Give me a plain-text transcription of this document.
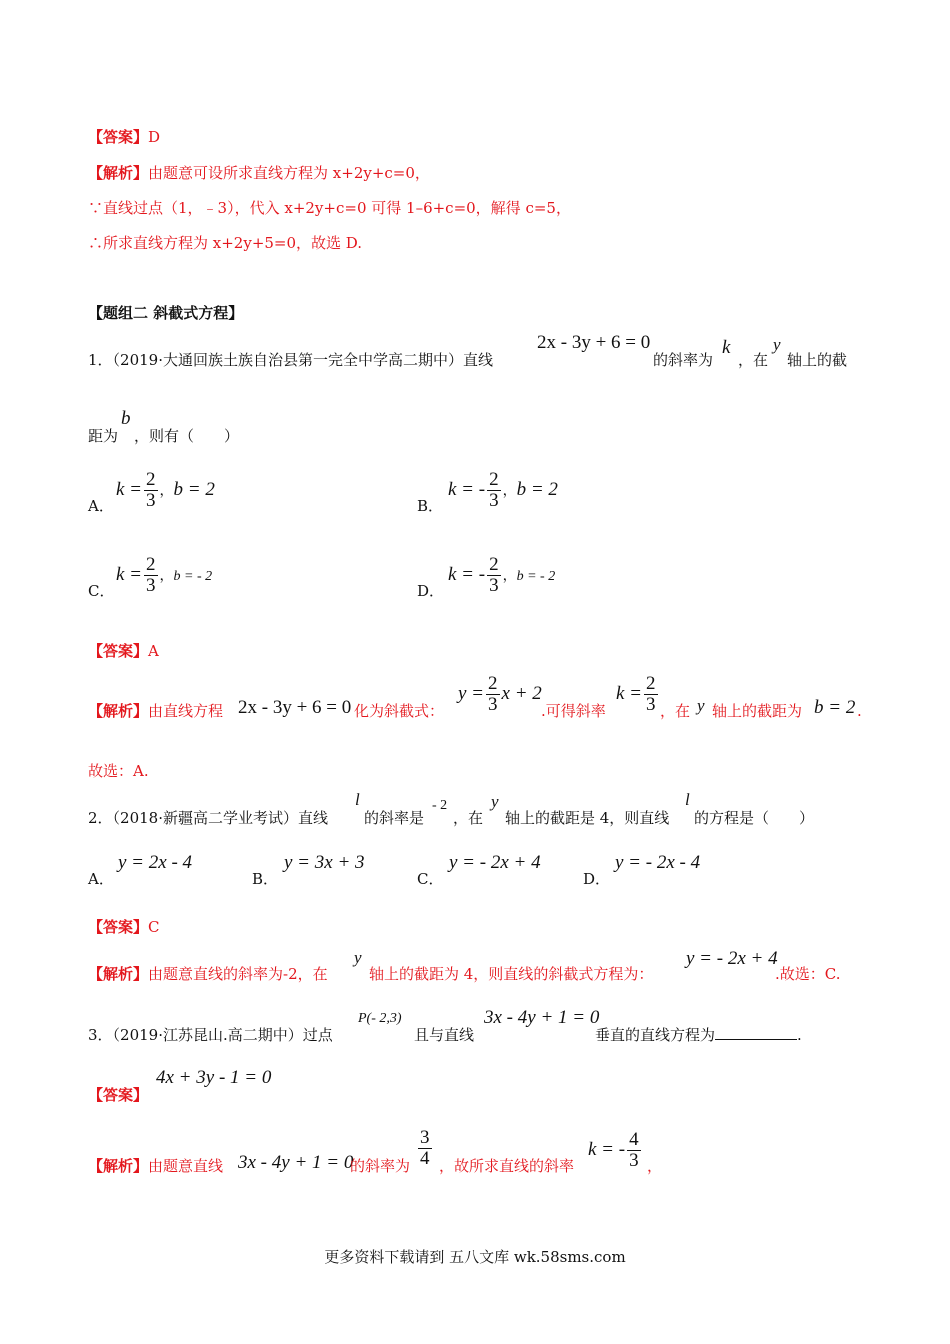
【答案】D
【解析】由题意可设所求直线方程为 x+2y+c=0，
∵直线过点（1，﹣3），代入 x+2y+c=0 可得 1–6+c=0，解得 c=5，
∴所求直线方程为 x+2y+5=0，故选 D.
【题组二 斜截式方程】
1．（2019·大通回族土族自治县第一完全中学高二期中）直线
2x - 3y + 6 = 0
的斜率为
k
，在
y
轴上的截
距为
b
，则有（　　）
A．
$k = \frac{2}{3}$ ，b = 2
B．
k = - $\frac{2}{3}$ ，b = 2
C．
$k = \frac{2}{3}$ ，b = - 2
D．
k = - $\frac{2}{3}$ ，b = - 2
【答案】A
【解析】由直线方程 2x - 3y + 6 = 0 化为斜截式：
$y = \frac{2}{3}$ x + 2
.可得斜率
$k = \frac{2}{3}$ ，在 y 轴上的截距为 b = 2 .
故选：A.
2．（2018·新疆高二学业考试）直线
l
的斜率是
- 2
，在
y
轴上的截距是 4，则直线
l
的方程是（　　）
A．
y = 2x - 4
B．
y = 3x + 3
C．
y = - 2x + 4
D．
y = - 2x - 4
【答案】C
【解析】由题意直线的斜率为-2，在
y
轴上的截距为 4，则直线的斜截式方程为：
y = - 2x + 4
.故选：C.
3．（2019·江苏昆山.高二期中）过点
P(- 2,3)
且与直线
3x - 4y + 1 = 0
垂直的直线方程为	.
【答案】
4x + 3y - 1 = 0
【解析】由题意直线 3x - 4y + 1 = 0
的斜率为 $\frac{3}{4}$ ，故所求直线的斜率
k = - $\frac{4}{3}$ ，
更多资料下载请到 五八文库 wk.58sms.com
